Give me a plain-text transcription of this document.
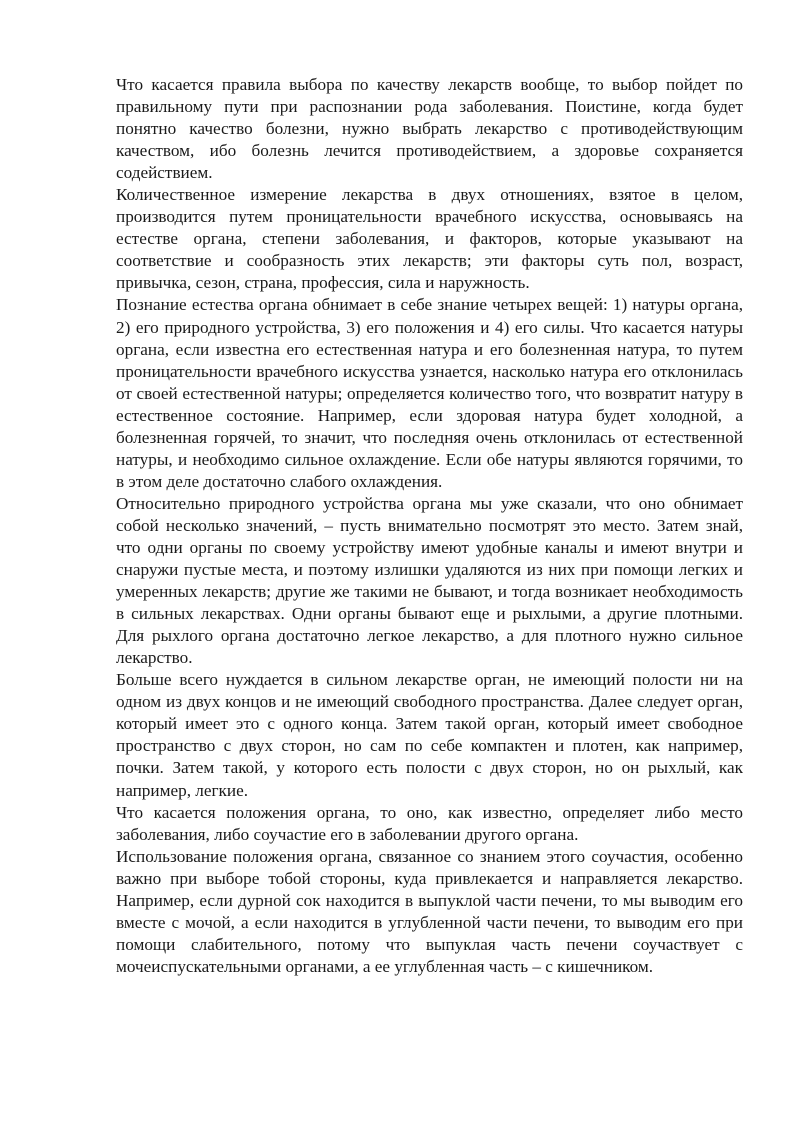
Что касается правила выбора по качеству лекарств вообще, то выбор пойдет по правильному пути при распознании рода заболевания. Поистине, когда будет понятно качество болезни, нужно выбрать лекарство с противодействующим качеством, ибо болезнь лечится противодействием, а здоровье сохраняется содействием.

Количественное измерение лекарства в двух отношениях, взятое в целом, производится путем проницательности врачебного искусства, основываясь на естестве органа, степени заболевания, и факторов, которые указывают на соответствие и сообразность этих лекарств; эти факторы суть пол, возраст, привычка, сезон, страна, профессия, сила и наружность.

Познание естества органа обнимает в себе знание четырех вещей: 1) натуры органа, 2) его природного устройства, 3) его положения и 4) его силы. Что касается натуры органа, если известна его естественная натура и его болезненная натура, то путем проницательности врачебного искусства узнается, насколько натура его отклонилась от своей естественной натуры; определяется количество того, что возвратит натуру в естественное состояние. Например, если здоровая натура будет холодной, а болезненная горячей, то значит, что последняя очень отклонилась от естественной натуры, и необходимо сильное охлаждение. Если обе натуры являются горячими, то в этом деле достаточно слабого охлаждения.

Относительно природного устройства органа мы уже сказали, что оно обнимает собой несколько значений, – пусть внимательно посмотрят это место. Затем знай, что одни органы по своему устройству имеют удобные каналы и имеют внутри и снаружи пустые места, и поэтому излишки удаляются из них при помощи легких и умеренных лекарств; другие же такими не бывают, и тогда возникает необходимость в сильных лекарствах. Одни органы бывают еще и рыхлыми, а другие плотными. Для рыхлого органа достаточно легкое лекарство, а для плотного нужно сильное лекарство.

Больше всего нуждается в сильном лекарстве орган, не имеющий полости ни на одном из двух концов и не имеющий свободного пространства. Далее следует орган, который имеет это с одного конца. Затем такой орган, который имеет свободное пространство с двух сторон, но сам по себе компактен и плотен, как например, почки. Затем такой, у которого есть полости с двух сторон, но он рыхлый, как например, легкие.

Что касается положения органа, то оно, как известно, определяет либо место заболевания, либо соучастие его в заболевании другого органа.

Использование положения органа, связанное со знанием этого соучастия, особенно важно при выборе тобой стороны, куда привлекается и направляется лекарство. Например, если дурной сок находится в выпуклой части печени, то мы выводим его вместе с мочой, а если находится в углубленной части печени, то выводим его при помощи слабительного, потому что выпуклая часть печени соучаствует с мочеиспускательными органами, а ее углубленная часть – с кишечником.
